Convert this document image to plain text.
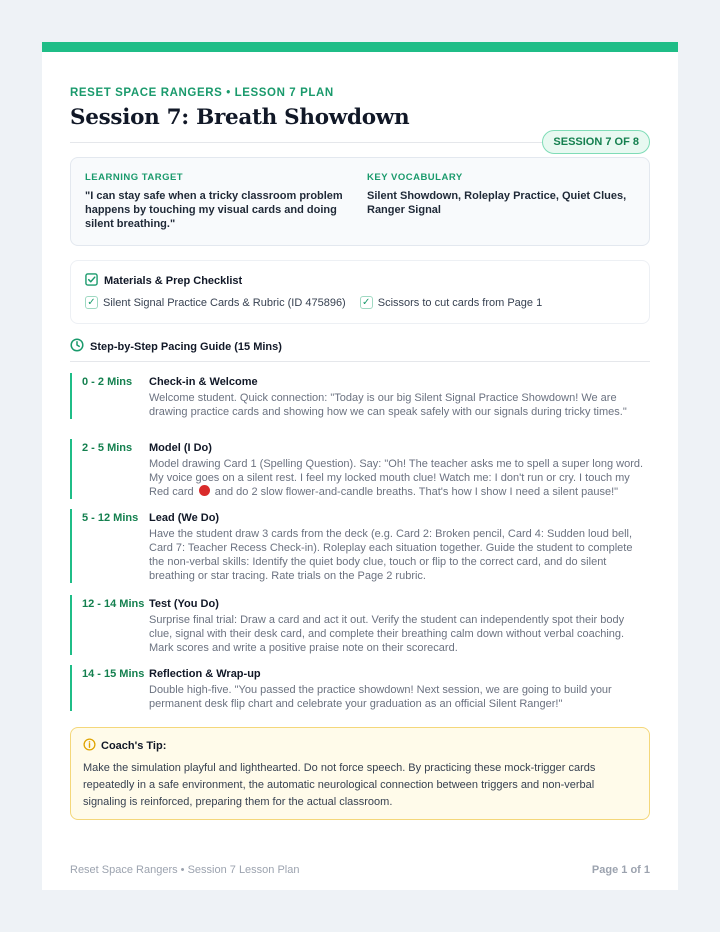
RESET SPACE RANGERS • LESSON 7 PLAN
Session 7: Breath Showdown
SESSION 7 OF 8
LEARNING TARGET
"I can stay safe when a tricky classroom problem happens by touching my visual cards and doing silent breathing."
KEY VOCABULARY
Silent Showdown, Roleplay Practice, Quiet Clues, Ranger Signal
Materials & Prep Checklist
✓ Silent Signal Practice Cards & Rubric (ID 475896) ✓ Scissors to cut cards from Page 1
Step-by-Step Pacing Guide (15 Mins)
0 - 2 Mins	Check-in & Welcome
Welcome student. Quick connection: "Today is our big Silent Signal Practice Showdown! We are drawing practice cards and showing how we can speak safely with our signals during tricky times."
2 - 5 Mins	Model (I Do)
Model drawing Card 1 (Spelling Question). Say: "Oh! The teacher asks me to spell a super long word. My voice goes on a silent rest. I feel my locked mouth clue! Watch me: I don't run or cry. I touch my Red card and do 2 slow flower-and-candle breaths. That's how I show I need a silent pause!"
5 - 12 Mins Lead (We Do)
Have the student draw 3 cards from the deck (e.g. Card 2: Broken pencil, Card 4: Sudden loud bell, Card 7: Teacher Recess Check-in). Roleplay each situation together. Guide the student to complete the non-verbal skills: Identify the quiet body clue, touch or flip to the correct card, and do silent breathing or star tracing. Rate trials on the Page 2 rubric.
12 - 14 Mins Test (You Do)
Surprise final trial: Draw a card and act it out. Verify the student can independently spot their body clue, signal with their desk card, and complete their breathing calm down without verbal coaching. Mark scores and write a positive praise note on their scorecard.
14 - 15 Mins Reflection & Wrap-up
Double high-five. "You passed the practice showdown! Next session, we are going to build your permanent desk flip chart and celebrate your graduation as an official Silent Ranger!"
Coach's Tip:
Make the simulation playful and lighthearted. Do not force speech. By practicing these mock-trigger cards repeatedly in a safe environment, the automatic neurological connection between triggers and non-verbal signaling is reinforced, preparing them for the actual classroom.
Reset Space Rangers • Session 7 Lesson Plan	Page 1 of 1
